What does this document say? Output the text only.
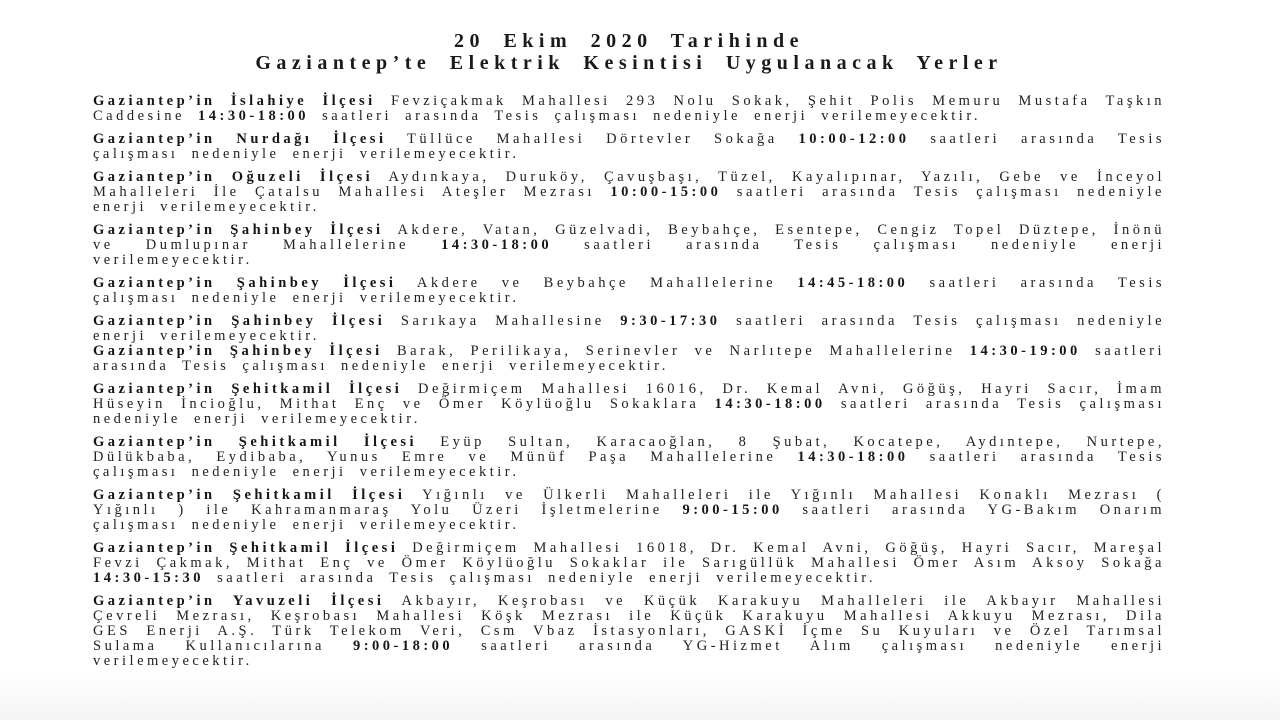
20 Ekim 2020 Tarihinde
Gaziantep’te Elektrik Kesintisi Uygulanacak Yerler

Gaziantep’in İslahiye İlçesi Fevziçakmak Mahallesi 293 Nolu Sokak, Şehit Polis Memuru Mustafa Taşkın Caddesine 14:30-18:00 saatleri arasında Tesis çalışması nedeniyle enerji verilemeyecektir.

Gaziantep’in Nurdağı İlçesi Tüllüce Mahallesi Dörtevler Sokağa 10:00-12:00 saatleri arasında Tesis çalışması nedeniyle enerji verilemeyecektir.

Gaziantep’in Oğuzeli İlçesi Aydınkaya, Duruköy, Çavuşbaşı, Tüzel, Kayalıpınar, Yazılı, Gebe ve İnceyol Mahalleleri İle Çatalsu Mahallesi Ateşler Mezrası 10:00-15:00 saatleri arasında Tesis çalışması nedeniyle enerji verilemeyecektir.

Gaziantep’in Şahinbey İlçesi Akdere, Vatan, Güzelvadi, Beybahçe, Esentepe, Cengiz Topel Düztepe, İnönü ve Dumlupınar Mahallelerine 14:30-18:00 saatleri arasında Tesis çalışması nedeniyle enerji verilemeyecektir.

Gaziantep’in Şahinbey İlçesi Akdere ve Beybahçe Mahallelerine 14:45-18:00 saatleri arasında Tesis çalışması nedeniyle enerji verilemeyecektir.

Gaziantep’in Şahinbey İlçesi Sarıkaya Mahallesine 9:30-17:30 saatleri arasında Tesis çalışması nedeniyle enerji verilemeyecektir.

Gaziantep’in Şahinbey İlçesi Barak, Perilikaya, Serinevler ve Narlıtepe Mahallelerine 14:30-19:00 saatleri arasında Tesis çalışması nedeniyle enerji verilemeyecektir.

Gaziantep’in Şehitkamil İlçesi Değirmiçem Mahallesi 16016, Dr. Kemal Avni, Göğüş, Hayri Sacır, İmam Hüseyin İncioğlu, Mithat Enç ve Ömer Köylüoğlu Sokaklara 14:30-18:00 saatleri arasında Tesis çalışması nedeniyle enerji verilemeyecektir.

Gaziantep’in Şehitkamil İlçesi Eyüp Sultan, Karacaoğlan, 8 Şubat, Kocatepe, Aydıntepe, Nurtepe, Dülükbaba, Eydibaba, Yunus Emre ve Münüf Paşa Mahallelerine 14:30-18:00 saatleri arasında Tesis çalışması nedeniyle enerji verilemeyecektir.

Gaziantep’in Şehitkamil İlçesi Yığınlı ve Ülkerli Mahalleleri ile Yığınlı Mahallesi Konaklı Mezrası ( Yığınlı ) ile Kahramanmaraş Yolu Üzeri İşletmelerine 9:00-15:00 saatleri arasında YG-Bakım Onarım çalışması nedeniyle enerji verilemeyecektir.

Gaziantep’in Şehitkamil İlçesi Değirmiçem Mahallesi 16018, Dr. Kemal Avni, Göğüş, Hayri Sacır, Mareşal Fevzi Çakmak, Mithat Enç ve Ömer Köylüoğlu Sokaklar ile Sarıgüllük Mahallesi Ömer Asım Aksoy Sokağa 14:30-15:30 saatleri arasında Tesis çalışması nedeniyle enerji verilemeyecektir.

Gaziantep’in Yavuzeli İlçesi Akbayır, Keşrobası ve Küçük Karakuyu Mahalleleri ile Akbayır Mahallesi Çevreli Mezrası, Keşrobası Mahallesi Köşk Mezrası ile Küçük Karakuyu Mahallesi Akkuyu Mezrası, Dila GES Enerji A.Ş. Türk Telekom Veri, Csm Vbaz İstasyonları, GASKİ İçme Su Kuyuları ve Özel Tarımsal Sulama Kullanıcılarına 9:00-18:00 saatleri arasında YG-Hizmet Alım çalışması nedeniyle enerji verilemeyecektir.
